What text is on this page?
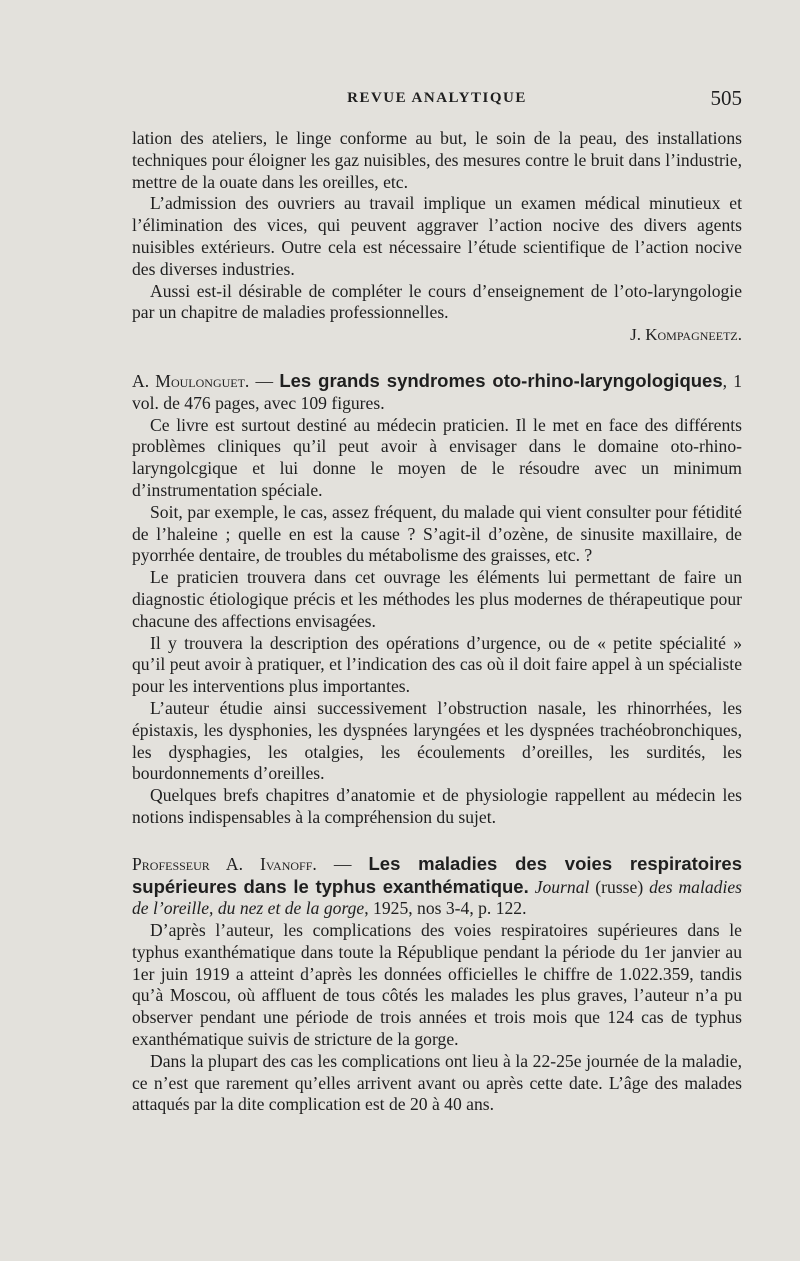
REVUE ANALYTIQUE	505

lation des ateliers, le linge conforme au but, le soin de la peau, des installations techniques pour éloigner les gaz nuisibles, des mesures contre le bruit dans l’industrie, mettre de la ouate dans les oreilles, etc.

L’admission des ouvriers au travail implique un examen médical minutieux et l’élimination des vices, qui peuvent aggraver l’action nocive des divers agents nuisibles extérieurs. Outre cela est nécessaire l’étude scientifique de l’action nocive des diverses industries.

Aussi est-il désirable de compléter le cours d’enseignement de l’oto-laryngologie par un chapitre de maladies professionnelles.

J. Kompagneetz.

A. Moulonguet. — Les grands syndromes oto-rhino-laryngologiques, 1 vol. de 476 pages, avec 109 figures.

Ce livre est surtout destiné au médecin praticien. Il le met en face des différents problèmes cliniques qu’il peut avoir à envisager dans le domaine oto-rhino-laryngolcgique et lui donne le moyen de le résoudre avec un minimum d’instrumentation spéciale.

Soit, par exemple, le cas, assez fréquent, du malade qui vient consulter pour fétidité de l’haleine ; quelle en est la cause ? S’agit-il d’ozène, de sinusite maxillaire, de pyorrhée dentaire, de troubles du métabolisme des graisses, etc. ?

Le praticien trouvera dans cet ouvrage les éléments lui permettant de faire un diagnostic étiologique précis et les méthodes les plus modernes de thérapeutique pour chacune des affections envisagées.

Il y trouvera la description des opérations d’urgence, ou de « petite spécialité » qu’il peut avoir à pratiquer, et l’indication des cas où il doit faire appel à un spécialiste pour les interventions plus importantes.

L’auteur étudie ainsi successivement l’obstruction nasale, les rhinorrhées, les épistaxis, les dysphonies, les dyspnées laryngées et les dyspnées trachéobronchiques, les dysphagies, les otalgies, les écoulements d’oreilles, les surdités, les bourdonnements d’oreilles.

Quelques brefs chapitres d’anatomie et de physiologie rappellent au médecin les notions indispensables à la compréhension du sujet.

Professeur A. Ivanoff. — Les maladies des voies respiratoires supérieures dans le typhus exanthématique. Journal (russe) des maladies de l’oreille, du nez et de la gorge, 1925, nos 3-4, p. 122.

D’après l’auteur, les complications des voies respiratoires supérieures dans le typhus exanthématique dans toute la République pendant la période du 1er janvier au 1er juin 1919 a atteint d’après les données officielles le chiffre de 1.022.359, tandis qu’à Moscou, où affluent de tous côtés les malades les plus graves, l’auteur n’a pu observer pendant une période de trois années et trois mois que 124 cas de typhus exanthématique suivis de stricture de la gorge.

Dans la plupart des cas les complications ont lieu à la 22-25e journée de la maladie, ce n’est que rarement qu’elles arrivent avant ou après cette date. L’âge des malades attaqués par la dite complication est de 20 à 40 ans.
